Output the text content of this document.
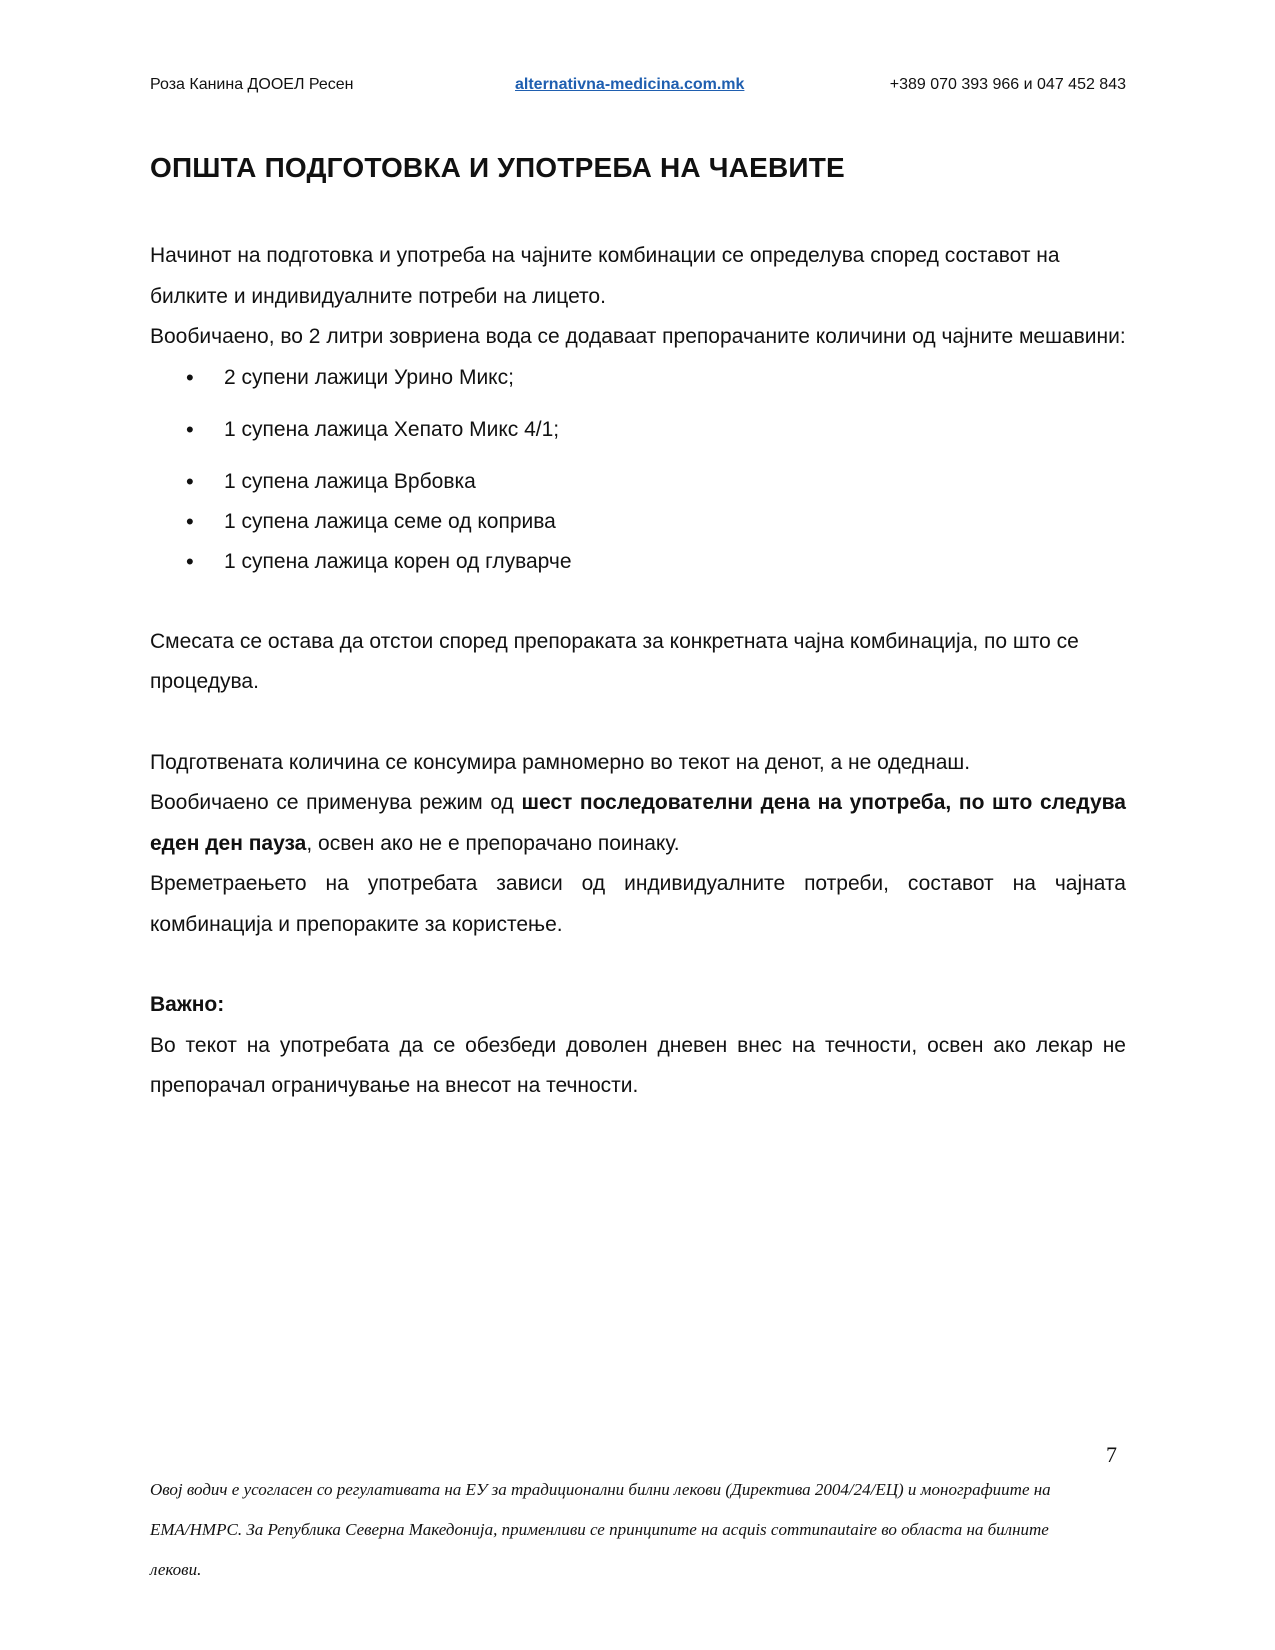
Роза Канина ДООЕЛ Ресен	alternativna-medicina.com.mk	+389 070 393 966 и 047 452 843
ОПШТА ПОДГОТОВКА И УПОТРЕБА НА ЧАЕВИТЕ

Начинот на подготовка и употреба на чајните комбинации се определува според составот на билките и индивидуалните потреби на лицето.

Вообичаено, во 2 литри зовриена вода се додаваат препорачаните количини од чајните мешавини:

• 2 супени лажици Урино Микс;
• 1 супена лажица Хепато Микс 4/1;
• 1 супена лажица Врбовка
• 1 супена лажица семе од коприва
• 1 супена лажица корен од глуварче

Смесата се остава да отстои според препораката за конкретната чајна комбинација, по што се процедува.

Подготвената количина се консумира рамномерно во текот на денот, а не одеднаш.

Вообичаено се применува режим од шест последователни дена на употреба, по што следува еден ден пауза, освен ако не е препорачано поинаку.

Времетраењето на употребата зависи од индивидуалните потреби, составот на чајната комбинација и препораките за користење.

Важно:

Во текот на употребата да се обезбеди доволен дневен внес на течности, освен ако лекар не препорачал ограничување на внесот на течности.

7
Овој водич е усогласен со регулативата на ЕУ за традиционални билни лекови (Директива 2004/24/ЕЦ) и монографиите на ЕМА/HMPC. За Република Северна Македонија, применливи се принципите на acquis communautaire во областа на билните лекови.
